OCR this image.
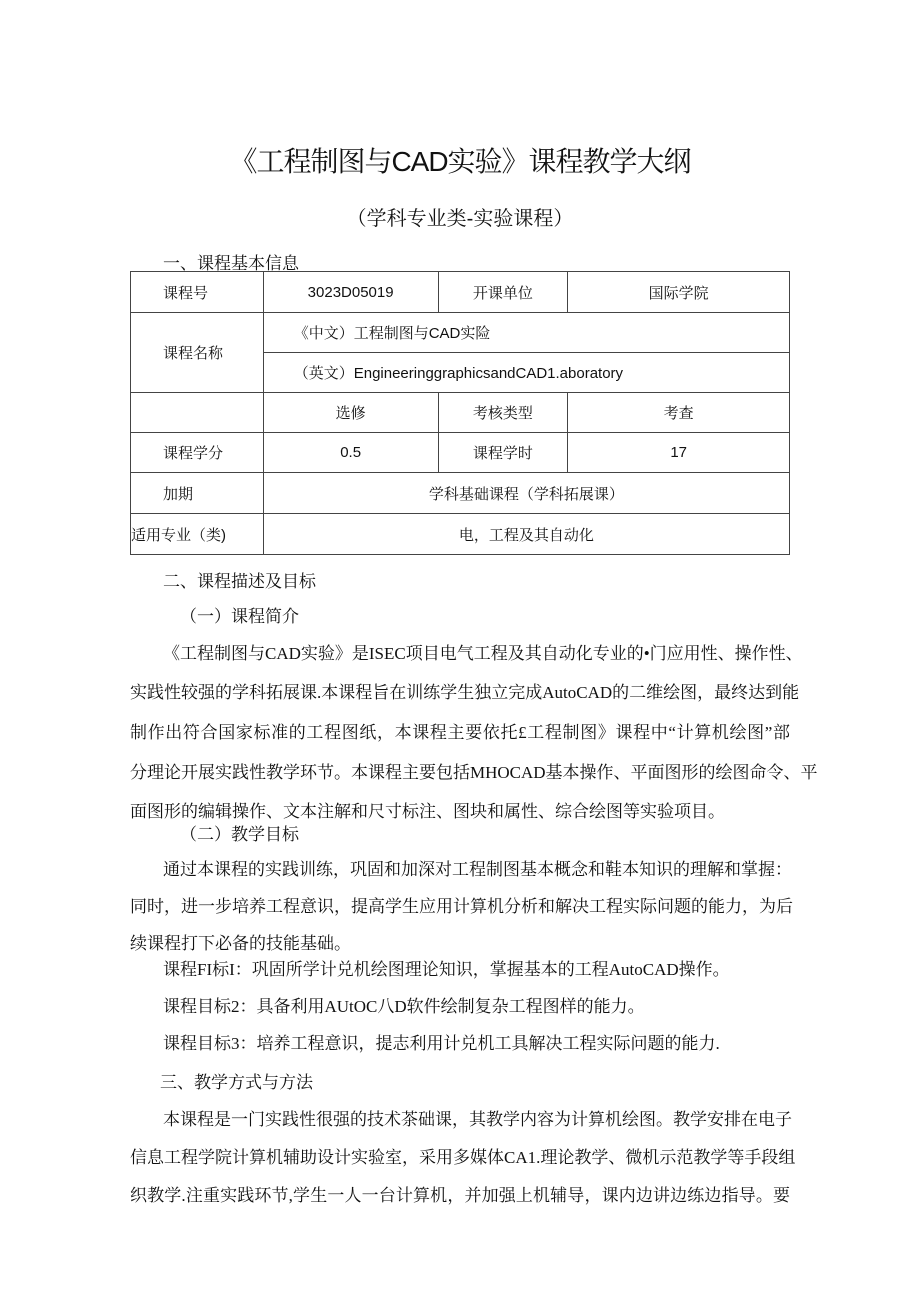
《工程制图与CAD实验》课程教学大纲
（学科专业类-实验课程）
一、课程基本信息
课程号	3023D05019	开课单位	国际学院
课程名称	《中文）工程制图与CAD实险		
	（英文）EngineeringgraphicsandCAD1.aboratory		
	选修	考核类型	考查
课程学分	0.5	课程学时	17
加期	学科基础课程（学科拓展课）		
适用专业（类)	电，工程及其自动化		
二、课程描述及目标
（一）课程简介
《工程制图与CAD实验》是ISEC项目电气工程及其自动化专业的•门应用性、操作性、
实践性较强的学科拓展课.本课程旨在训练学生独立完成AutoCAD的二维绘图，最终达到能
制作出符合国家标准的工程图纸，本课程主要依托£工程制图》课程中“计算机绘图”部
分理论开展实践性教学环节。本课程主要包括MHOCAD基本操作、平面图形的绘图命令、平
面图形的编辑操作、文本注解和尺寸标注、图块和属性、综合绘图等实验项目。
（二）教学目标
通过本课程的实践训练，巩固和加深对工程制图基本概念和鞋本知识的理解和掌握：
同时，进一步培养工程意识，提高学生应用计算机分析和解决工程实际问题的能力，为后
续课程打下必备的技能基础。
课程FI标I：巩固所学计兑机绘图理论知识，掌握基本的工程AutoCAD操作。
课程目标2：具备利用AUtOC八D软件绘制复杂工程图样的能力。
课程目标3：培养工程意识，提志利用计兑机工具解决工程实际问题的能力.
三、教学方式与方法
本课程是一门实践性很强的技术茶础课，其教学内容为计算机绘图。教学安排在电子
信息工程学院计算机辅助设计实验室，采用多媒体CA1.理论教学、微机示范教学等手段组
织教学.注重实践环节,学生一人一台计算机，并加强上机辅导，课内边讲边练边指导。要
